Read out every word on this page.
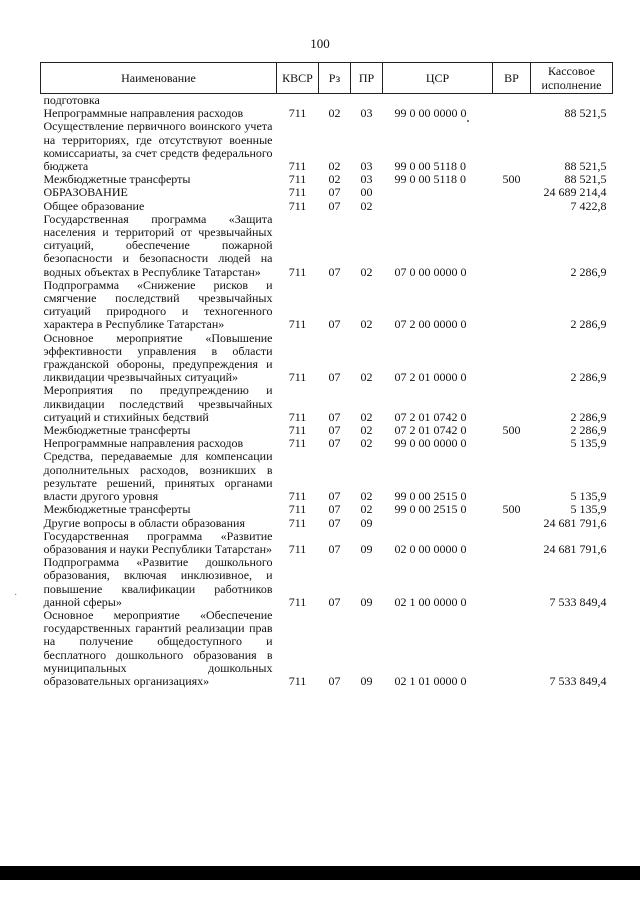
100
Наименование	КВСР	Рз	ПР	ЦСР	ВР	Кассовое
исполнение
подготовка						
Непрограммные направления расходов	711	02	03	99 0 00 0000 0		88 521,5
Осуществление первичного воинского учета на территориях, где отсутствуют военные комиссариаты, за счет средств федерального бюджета	711	02	03	99 0 00 5118 0		88 521,5
Межбюджетные трансферты	711	02	03	99 0 00 5118 0	500	88 521,5
ОБРАЗОВАНИЕ	711	07	00			24 689 214,4
Общее образование	711	07	02			7 422,8
Государственная программа «Защита населения и территорий от чрезвычайных ситуаций, обеспечение пожарной безопасности и безопасности людей на водных объектах в Республике Татарстан»	711	07	02	07 0 00 0000 0		2 286,9
Подпрограмма «Снижение рисков и смягчение последствий чрезвычайных ситуаций природного и техногенного характера в Республике Татарстан»	711	07	02	07 2 00 0000 0		2 286,9
Основное мероприятие «Повышение эффективности управления в области гражданской обороны, предупреждения и ликвидации чрезвычайных ситуаций»	711	07	02	07 2 01 0000 0		2 286,9
Мероприятия по предупреждению и ликвидации последствий чрезвычайных ситуаций и стихийных бедствий	711	07	02	07 2 01 0742 0		2 286,9
Межбюджетные трансферты	711	07	02	07 2 01 0742 0	500	2 286,9
Непрограммные направления расходов	711	07	02	99 0 00 0000 0		5 135,9
Средства, передаваемые для компенсации дополнительных расходов, возникших в результате решений, принятых органами власти другого уровня	711	07	02	99 0 00 2515 0		5 135,9
Межбюджетные трансферты	711	07	02	99 0 00 2515 0	500	5 135,9
Другие вопросы в области образования	711	07	09			24 681 791,6
Государственная программа «Развитие образования и науки Республики Татарстан»	711	07	09	02 0 00 0000 0		24 681 791,6
Подпрограмма «Развитие дошкольного образования, включая инклюзивное, и повышение квалификации работников данной сферы»	711	07	09	02 1 00 0000 0		7 533 849,4
Основное мероприятие «Обеспечение государственных гарантий реализации прав на получение общедоступного и бесплатного дошкольного образования в муниципальных дошкольных образовательных организациях»	711	07	09	02 1 01 0000 0		7 533 849,4
·
